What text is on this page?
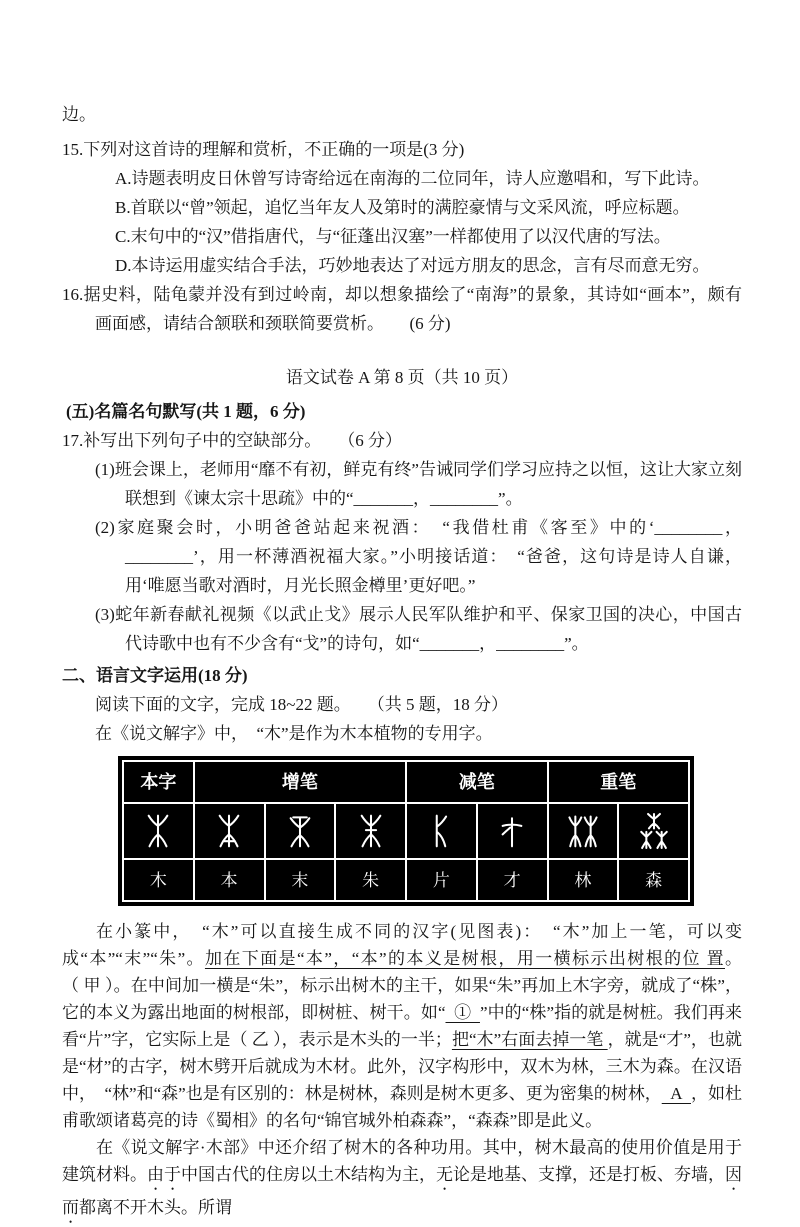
边。

15.下列对这首诗的理解和赏析，不正确的一项是(3 分)

A.诗题表明皮日休曾写诗寄给远在南海的二位同年，诗人应邀唱和，写下此诗。

B.首联以“曾”领起，追忆当年友人及第时的满腔豪情与文采风流，呼应标题。

C.末句中的“汉”借指唐代，与“征蓬出汉塞”一样都使用了以汉代唐的写法。

D.本诗运用虚实结合手法，巧妙地表达了对远方朋友的思念，言有尽而意无穷。

16.据史料，陆龟蒙并没有到过岭南，却以想象描绘了“南海”的景象，其诗如“画本”，颇有画面感，请结合颔联和颈联简要赏析。　　(6 分)

语文试卷 A 第 8 页（共 10 页）

(五)名篇名句默写(共 1 题，6 分)

17.补写出下列句子中的空缺部分。　　（6 分）

(1)班会课上，老师用“靡不有初，鲜克有终”告诫同学们学习应持之以恒，这让大家立刻联想到《谏太宗十思疏》中的“_______，________”。

(2)家庭聚会时，小明爸爸站起来祝酒：　“我借杜甫《客至》中的‘________，________’，用一杯薄酒祝福大家。”小明接话道：　“爸爸，这句诗是诗人自谦，用‘唯愿当歌对酒时，月光长照金樽里’更好吧。”

(3)蛇年新春献礼视频《以武止戈》展示人民军队维护和平、保家卫国的决心，中国古代诗歌中也有不少含有“戈”的诗句，如“_______，________”。

二、语言文字运用(18 分)

阅读下面的文字，完成 18~22 题。　　（共 5 题，18 分）

在《说文解字》中，　“木”是作为木本植物的专用字。

本字	增笔			减笔		重笔	

木	本	末	朱	片	才	林	森

在小篆中，　“木”可以直接生成不同的汉字(见图表)：　“木”加上一笔，可以变成“本”“末”“朱”。加在下面是“本”，“本”的本义是树根，用一横标示出树根的位 置。（ 甲 ）。在中间加一横是“朱”，标示出树木的主干，如果“朱”再加上木字旁，就成了“株”，它的本义为露出地面的树根部，即树桩、树干。如“  ①  ”中的“株”指的就是树桩。我们再来看“片”字，它实际上是（ 乙 ），表示是木头的一半；把“木”右面去掉一笔 ，就是“才”，也就是“材”的古字，树木劈开后就成为木材。此外，汉字构形中，双木为林，三木为森。在汉语中，　“林”和“森”也是有区别的：林是树林，森则是树木更多、更为密集的树林，  A  ，如杜甫歌颂诸葛亮的诗《蜀相》的名句“锦官城外柏森森”，“森森”即是此义。

在《说文解字·木部》中还介绍了树木的各种功用。其中，树木最高的使用价值是用于建筑材料。由于中国古代的住房以土木结构为主，无论是地基、支撑，还是打板、夯墙，因而都离不开木头。所谓
